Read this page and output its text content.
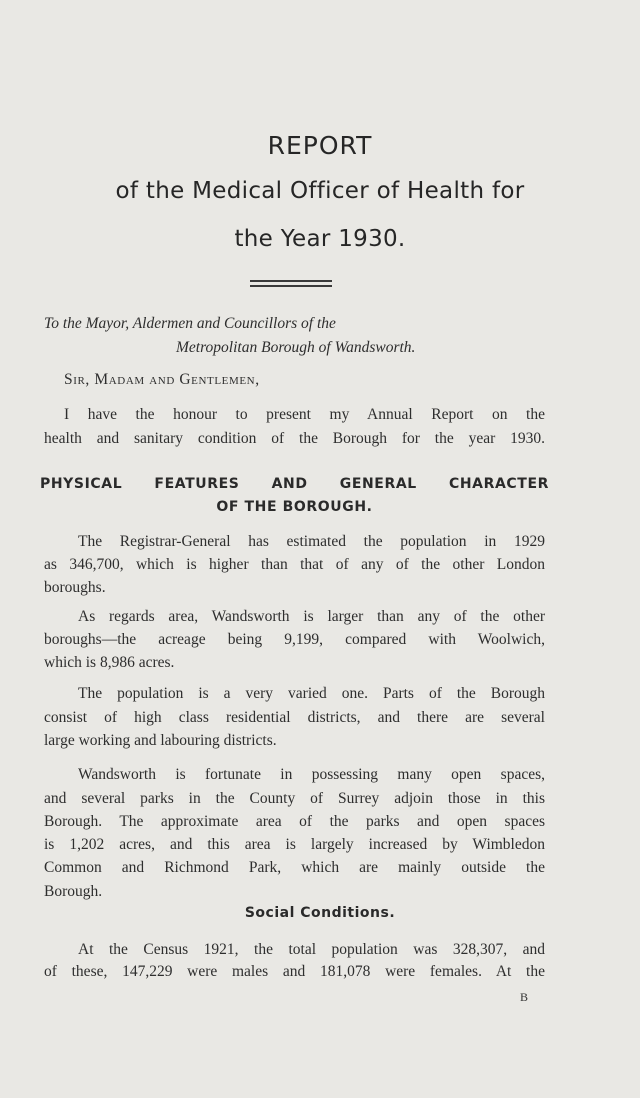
REPORT
of the Medical Officer of Health for
the Year 1930.
To the Mayor, Aldermen and Councillors of the
Metropolitan Borough of Wandsworth.
Sir, Madam and Gentlemen,
I have the honour to present my Annual Report on the
health and sanitary condition of the Borough for the year 1930.
PHYSICAL FEATURES AND GENERAL CHARACTER
OF THE BOROUGH.
The Registrar-General has estimated the population in 1929
as 346,700, which is higher than that of any of the other London
boroughs.
As regards area, Wandsworth is larger than any of the other
boroughs—the acreage being 9,199, compared with Woolwich,
which is 8,986 acres.
The population is a very varied one. Parts of the Borough
consist of high class residential districts, and there are several
large working and labouring districts.
Wandsworth is fortunate in possessing many open spaces,
and several parks in the County of Surrey adjoin those in this
Borough. The approximate area of the parks and open spaces
is 1,202 acres, and this area is largely increased by Wimbledon
Common and Richmond Park, which are mainly outside the
Borough.
Social Conditions.
At the Census 1921, the total population was 328,307, and
of these, 147,229 were males and 181,078 were females. At the
B
